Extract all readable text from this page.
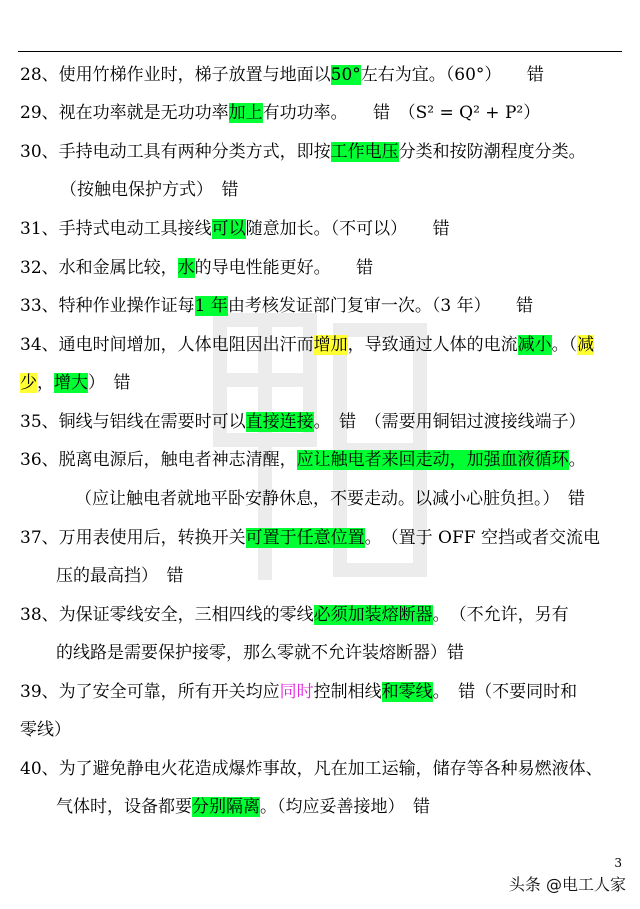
28、使用竹梯作业时，梯子放置与地面以50°左右为宜。（60°）　　错
29、视在功率就是无功功率加上有功功率。　　错　（S² = Q² + P²）
30、手持电动工具有两种分类方式，即按工作电压分类和按防潮程度分类。
（按触电保护方式）　错
31、手持式电动工具接线可以随意加长。（不可以）　　错
32、水和金属比较，水的导电性能更好。　　错
33、特种作业操作证每1 年由考核发证部门复审一次。（3 年）　　错
34、通电时间增加，人体电阻因出汗而增加，导致通过人体的电流减小。（减
少，增大）　错
35、铜线与铝线在需要时可以直接连接。　错　（需要用铜铝过渡接线端子）
36、脱离电源后，触电者神志清醒，应让触电者来回走动，加强血液循环。
（应让触电者就地平卧安静休息，不要走动。以减小心脏负担。）　错
37、万用表使用后，转换开关可置于任意位置。　（置于 OFF 空挡或者交流电
压的最高挡）　错
38、为保证零线安全，三相四线的零线必须加装熔断器。　（不允许，另有
的线路是需要保护接零，那么零就不允许装熔断器）错
39、为了安全可靠，所有开关均应同时控制相线和零线。　错（不要同时和
零线）
40、为了避免静电火花造成爆炸事故，凡在加工运输，储存等各种易燃液体、
气体时，设备都要分别隔离。（均应妥善接地）　错
3
头条 @电工人家
